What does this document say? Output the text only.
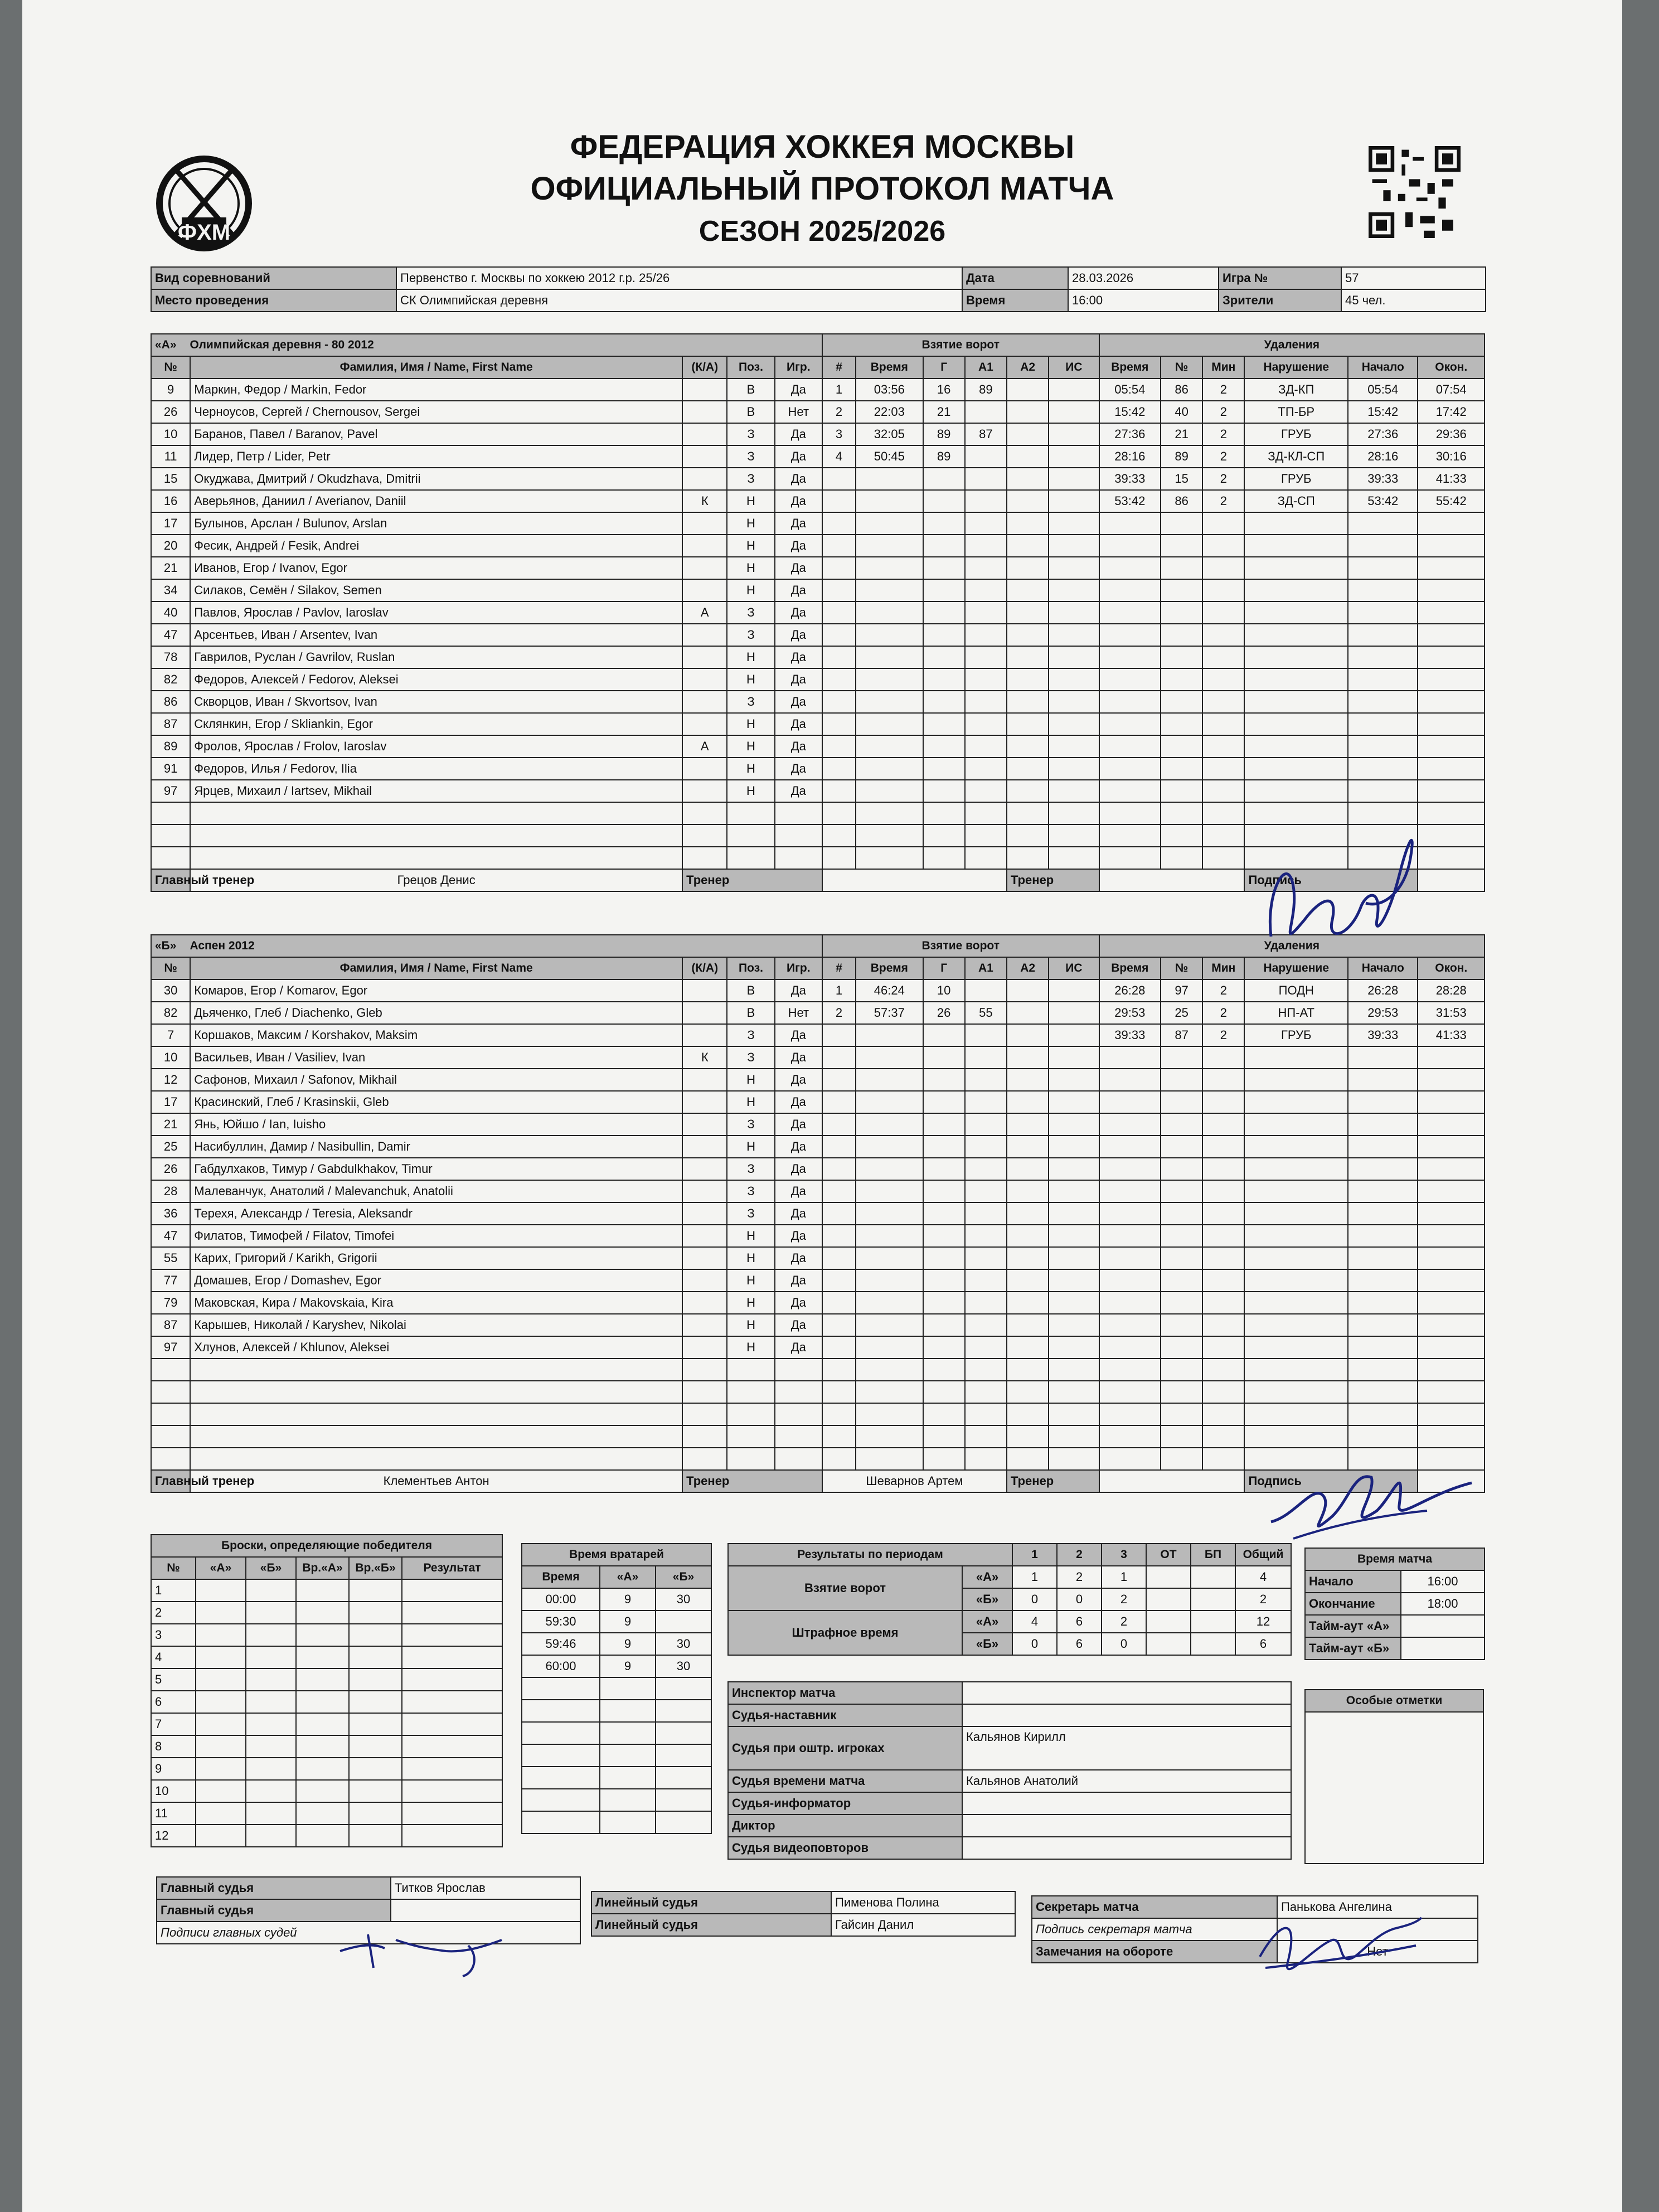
ФХМ
ФЕДЕРАЦИЯ ХОККЕЯ МОСКВЫ
ОФИЦИАЛЬНЫЙ ПРОТОКОЛ МАТЧА
СЕЗОН 2025/2026
Вид соревнований	Первенство г. Москвы по хоккею 2012 г.р. 25/26	Дата	28.03.2026	Игра №	57
Место проведения	СК Олимпийская деревня	Время	16:00	Зрители	45 чел.
«А» Олимпийская деревня - 80 2012					Взятие ворот						Удаления					
№	Фамилия, Имя / Name, First Name	(К/А)	Поз.	Игр.	#	Время	Г	А1	А2	ИС	Время	№	Мин	Нарушение	Начало	Окон.
9	Маркин, Федор / Markin, Fedor		В	Да	1	03:56	16	89			05:54	86	2	ЗД-КП	05:54	07:54
26	Черноусов, Сергей / Chernousov, Sergei		В	Нет	2	22:03	21				15:42	40	2	ТП-БР	15:42	17:42
10	Баранов, Павел / Baranov, Pavel		З	Да	3	32:05	89	87			27:36	21	2	ГРУБ	27:36	29:36
11	Лидер, Петр / Lider, Petr		З	Да	4	50:45	89				28:16	89	2	ЗД-КЛ-СП	28:16	30:16
15	Окуджава, Дмитрий / Okudzhava, Dmitrii		З	Да							39:33	15	2	ГРУБ	39:33	41:33
16	Аверьянов, Даниил / Averianov, Daniil	К	Н	Да							53:42	86	2	ЗД-СП	53:42	55:42
17	Булынов, Арслан / Bulunov, Arslan		Н	Да												
20	Фесик, Андрей / Fesik, Andrei		Н	Да												
21	Иванов, Егор / Ivanov, Egor		Н	Да												
34	Силаков, Семён / Silakov, Semen		Н	Да												
40	Павлов, Ярослав / Pavlov, Iaroslav	А	З	Да												
47	Арсентьев, Иван / Arsentev, Ivan		З	Да												
78	Гаврилов, Руслан / Gavrilov, Ruslan		Н	Да												
82	Федоров, Алексей / Fedorov, Aleksei		Н	Да												
86	Скворцов, Иван / Skvortsov, Ivan		З	Да												
87	Склянкин, Егор / Skliankin, Egor		Н	Да												
89	Фролов, Ярослав / Frolov, Iaroslav	А	Н	Да												
91	Федоров, Илья / Fedorov, Ilia		Н	Да												
97	Ярцев, Михаил / Iartsev, Mikhail		Н	Да												

Главный тренер	Грецов Денис	Тренер							Тренер					Подпись		
«Б» Аспен 2012					Взятие ворот						Удаления					
№	Фамилия, Имя / Name, First Name	(К/А)	Поз.	Игр.	#	Время	Г	А1	А2	ИС	Время	№	Мин	Нарушение	Начало	Окон.
30	Комаров, Егор / Komarov, Egor		В	Да	1	46:24	10				26:28	97	2	ПОДН	26:28	28:28
82	Дьяченко, Глеб / Diachenko, Gleb		В	Нет	2	57:37	26	55			29:53	25	2	НП-АТ	29:53	31:53
7	Коршаков, Максим / Korshakov, Maksim		З	Да							39:33	87	2	ГРУБ	39:33	41:33
10	Васильев, Иван / Vasiliev, Ivan	К	З	Да												
12	Сафонов, Михаил / Safonov, Mikhail		Н	Да												
17	Красинский, Глеб / Krasinskii, Gleb		Н	Да												
21	Янь, Юйшо / Ian, Iuisho		З	Да												
25	Насибуллин, Дамир / Nasibullin, Damir		Н	Да												
26	Габдулхаков, Тимур / Gabdulkhakov, Timur		З	Да												
28	Малеванчук, Анатолий / Malevanchuk, Anatolii		З	Да												
36	Терехя, Александр / Teresia, Aleksandr		З	Да												
47	Филатов, Тимофей / Filatov, Timofei		Н	Да												
55	Карих, Григорий / Karikh, Grigorii		Н	Да												
77	Домашев, Егор / Domashev, Egor		Н	Да												
79	Маковская, Кира / Makovskaia, Kira		Н	Да												
87	Карышев, Николай / Karyshev, Nikolai		Н	Да												
97	Хлунов, Алексей / Khlunov, Aleksei		Н	Да												

Главный тренер	Клементьев Антон	Тренер			Шеварнов Артем				Тренер					Подпись		
Броски, определяющие победителя					
№	«А»	«Б»	Вр.«А»	Вр.«Б»	Результат
1					
2					
3					
4					
5					
6					
7					
8					
9					
10					
11					
12					
Время вратарей		
Время	«А»	«Б»
00:00	9	30
59:30	9	
59:46	9	30
60:00	9	30

Результаты по периодам		1	2	3	ОТ	БП	Общий
Взятие ворот	«А»	1	2	1			4
	«Б»	0	0	2			2
Штрафное время	«А»	4	6	2			12
	«Б»	0	6	0			6
Время матча	
Начало	16:00
Окончание	18:00
Тайм-аут «А»	
Тайм-аут «Б»	
Инспектор матча	
Судья-наставник	
Судья при оштр. игроках	Кальянов Кирилл
Судья времени матча	Кальянов Анатолий
Судья-информатор	
Диктор	
Судья видеоповторов	
Особые отметки

Главный судья	Титков Ярослав
Главный судья	
Подписи главных судей	
Линейный судья	Пименова Полина
Линейный судья	Гайсин Данил
Секретарь матча	Панькова Ангелина
Подпись секретаря матча	
Замечания на обороте	Нет
